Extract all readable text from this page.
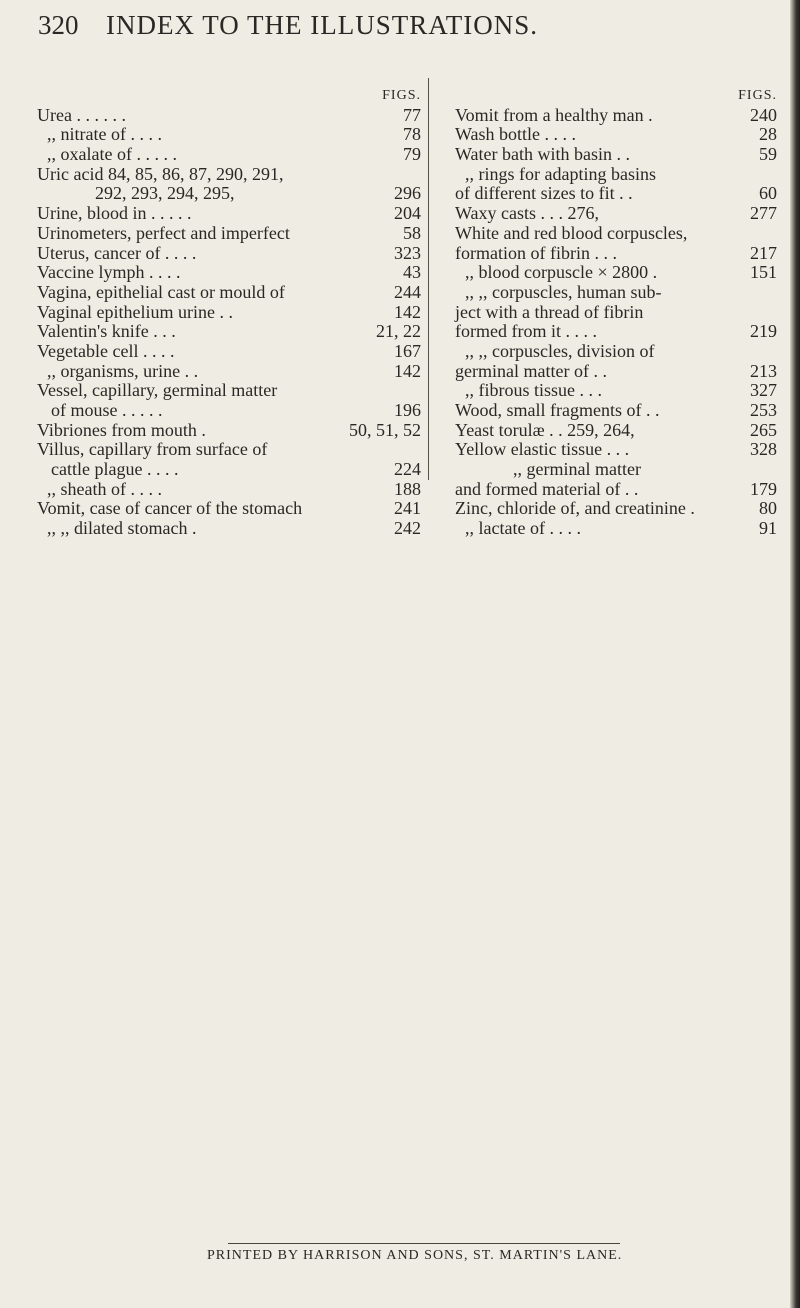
320 INDEX TO THE ILLUSTRATIONS.
FIGS.
Urea . . . . . .	77
,, nitrate of . . . .	78
,, oxalate of . . . . .	79
Uric acid 84, 85, 86, 87, 290, 291,
292, 293, 294, 295,	296
Urine, blood in . . . . .	204
Urinometers, perfect and imperfect	58
Uterus, cancer of . . . .	323
Vaccine lymph . . . .	43
Vagina, epithelial cast or mould of	244
Vaginal epithelium urine . .	142
Valentin's knife . . .	21, 22
Vegetable cell . . . .	167
,, organisms, urine . .	142
Vessel, capillary, germinal matter
of mouse . . . . .	196
Vibriones from mouth .	50, 51, 52
Villus, capillary from surface of
cattle plague . . . .	224
,, sheath of . . . .	188
Vomit, case of cancer of the stomach	241
,, ,, dilated stomach .	242
FIGS.
Vomit from a healthy man .	240
Wash bottle . . . .	28
Water bath with basin . .	59
,, rings for adapting basins
of different sizes to fit . .	60
Waxy casts . . . 276,	277
White and red blood corpuscles,
formation of fibrin . . .	217
,, blood corpuscle × 2800 .	151
,, ,, corpuscles, human sub-
ject with a thread of fibrin
formed from it . . . .	219
,, ,, corpuscles, division of
germinal matter of . .	213
,, fibrous tissue . . .	327
Wood, small fragments of . .	253
Yeast torulæ . . 259, 264,	265
Yellow elastic tissue . . .	328
,, germinal matter
and formed material of . .	179
Zinc, chloride of, and creatinine .	80
,, lactate of . . . .	91
PRINTED BY HARRISON AND SONS, ST. MARTIN'S LANE.
